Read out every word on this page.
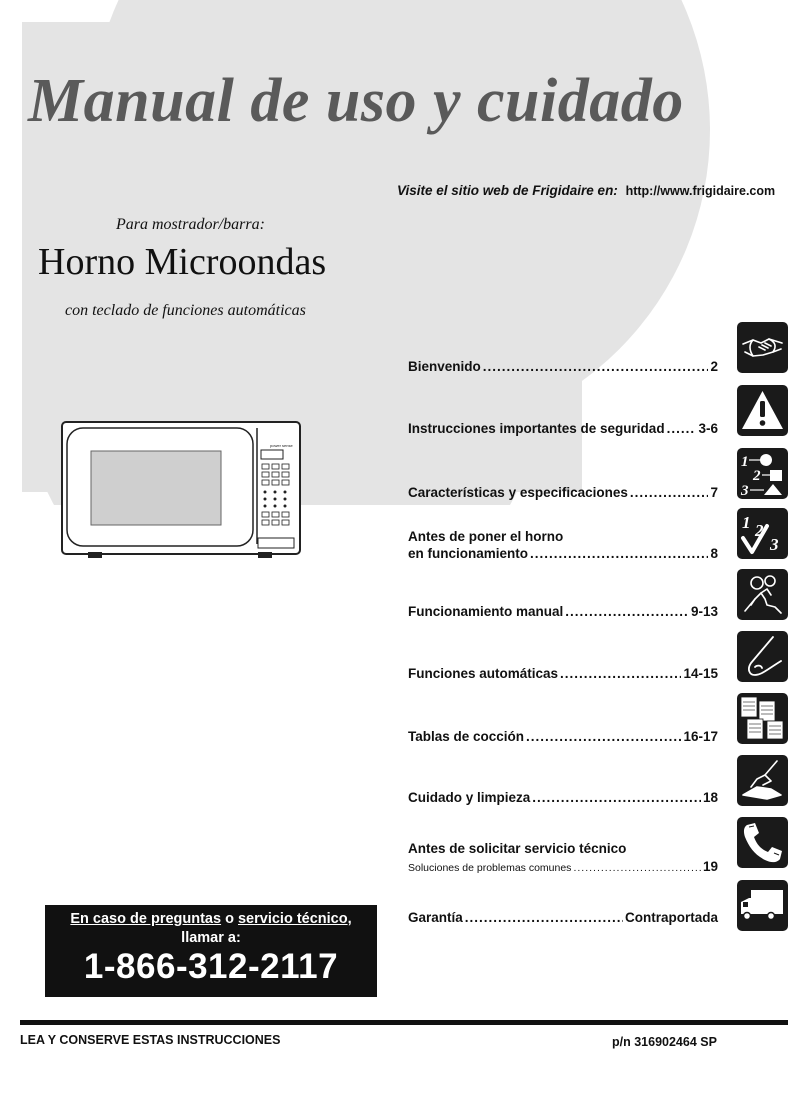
Manual de uso y cuidado
Visite el sitio web de Frigidaire en: http://www.frigidaire.com
Para mostrador/barra:
Horno Microondas
con teclado de funciones automáticas
power sense
Bienvenido .....	2
Instrucciones importantes de seguridad .....	3-6
Características y especificaciones .....	7
Antes de poner el horno
en funcionamiento .....	8
Funcionamiento manual .....	9-13
Funciones automáticas .....	14-15
Tablas de cocción .....	16-17
Cuidado y limpieza .....	18
Antes de solicitar servicio técnico
Soluciones de problemas comunes .....	19
Garantía .....	Contraportada
1
2
3
1 2
3
En caso de preguntas o servicio técnico,
llamar a:
1-866-312-2117
LEA Y CONSERVE ESTAS INSTRUCCIONES	p/n 316902464 SP
